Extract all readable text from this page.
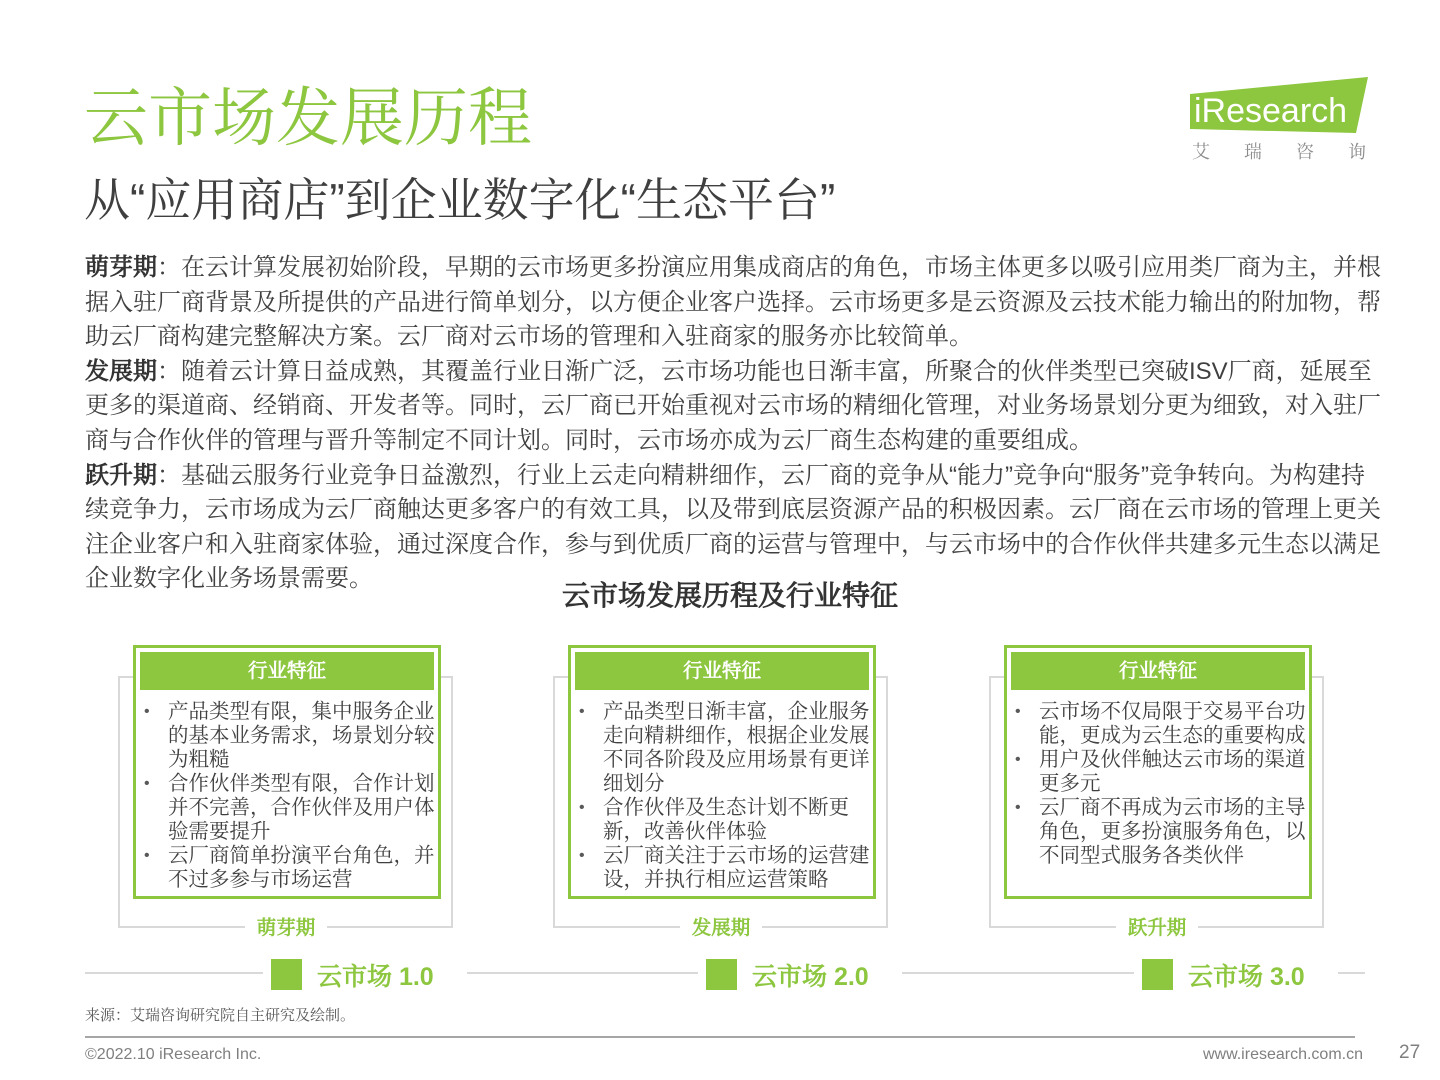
云市场发展历程
从“应用商店”到企业数字化“生态平台”
iResearch
艾瑞咨询

萌芽期：在云计算发展初始阶段，早期的云市场更多扮演应用集成商店的角色，市场主体更多以吸引应用类厂商为主，并根据入驻厂商背景及所提供的产品进行简单划分，以方便企业客户选择。云市场更多是云资源及云技术能力输出的附加物，帮助云厂商构建完整解决方案。云厂商对云市场的管理和入驻商家的服务亦比较简单。

发展期：随着云计算日益成熟，其覆盖行业日渐广泛，云市场功能也日渐丰富，所聚合的伙伴类型已突破ISV厂商，延展至更多的渠道商、经销商、开发者等。同时，云厂商已开始重视对云市场的精细化管理，对业务场景划分更为细致，对入驻厂商与合作伙伴的管理与晋升等制定不同计划。同时，云市场亦成为云厂商生态构建的重要组成。

跃升期：基础云服务行业竞争日益激烈，行业上云走向精耕细作，云厂商的竞争从“能力”竞争向“服务”竞争转向。为构建持续竞争力，云市场成为云厂商触达更多客户的有效工具，以及带到底层资源产品的积极因素。云厂商在云市场的管理上更关注企业客户和入驻商家体验，通过深度合作，参与到优质厂商的运营与管理中，与云市场中的合作伙伴共建多元生态以满足企业数字化业务场景需要。

云市场发展历程及行业特征
萌芽期
行业特征
•
产品类型有限，集中服务企业的基本业务需求，场景划分较为粗糙
•
合作伙伴类型有限，合作计划并不完善，合作伙伴及用户体验需要提升
•
云厂商简单扮演平台角色，并不过多参与市场运营
发展期
行业特征
•
产品类型日渐丰富，企业服务走向精耕细作，根据企业发展不同各阶段及应用场景有更详细划分
•
合作伙伴及生态计划不断更新，改善伙伴体验
•
云厂商关注于云市场的运营建设，并执行相应运营策略
跃升期
行业特征
•
云市场不仅局限于交易平台功能，更成为云生态的重要构成
•
用户及伙伴触达云市场的渠道更多元
•
云厂商不再成为云市场的主导角色，更多扮演服务角色，以不同型式服务各类伙伴
云市场 1.0	云市场 2.0	云市场 3.0
来源：艾瑞咨询研究院自主研究及绘制。
©2022.10 iResearch Inc.	www.iresearch.com.cn 27
